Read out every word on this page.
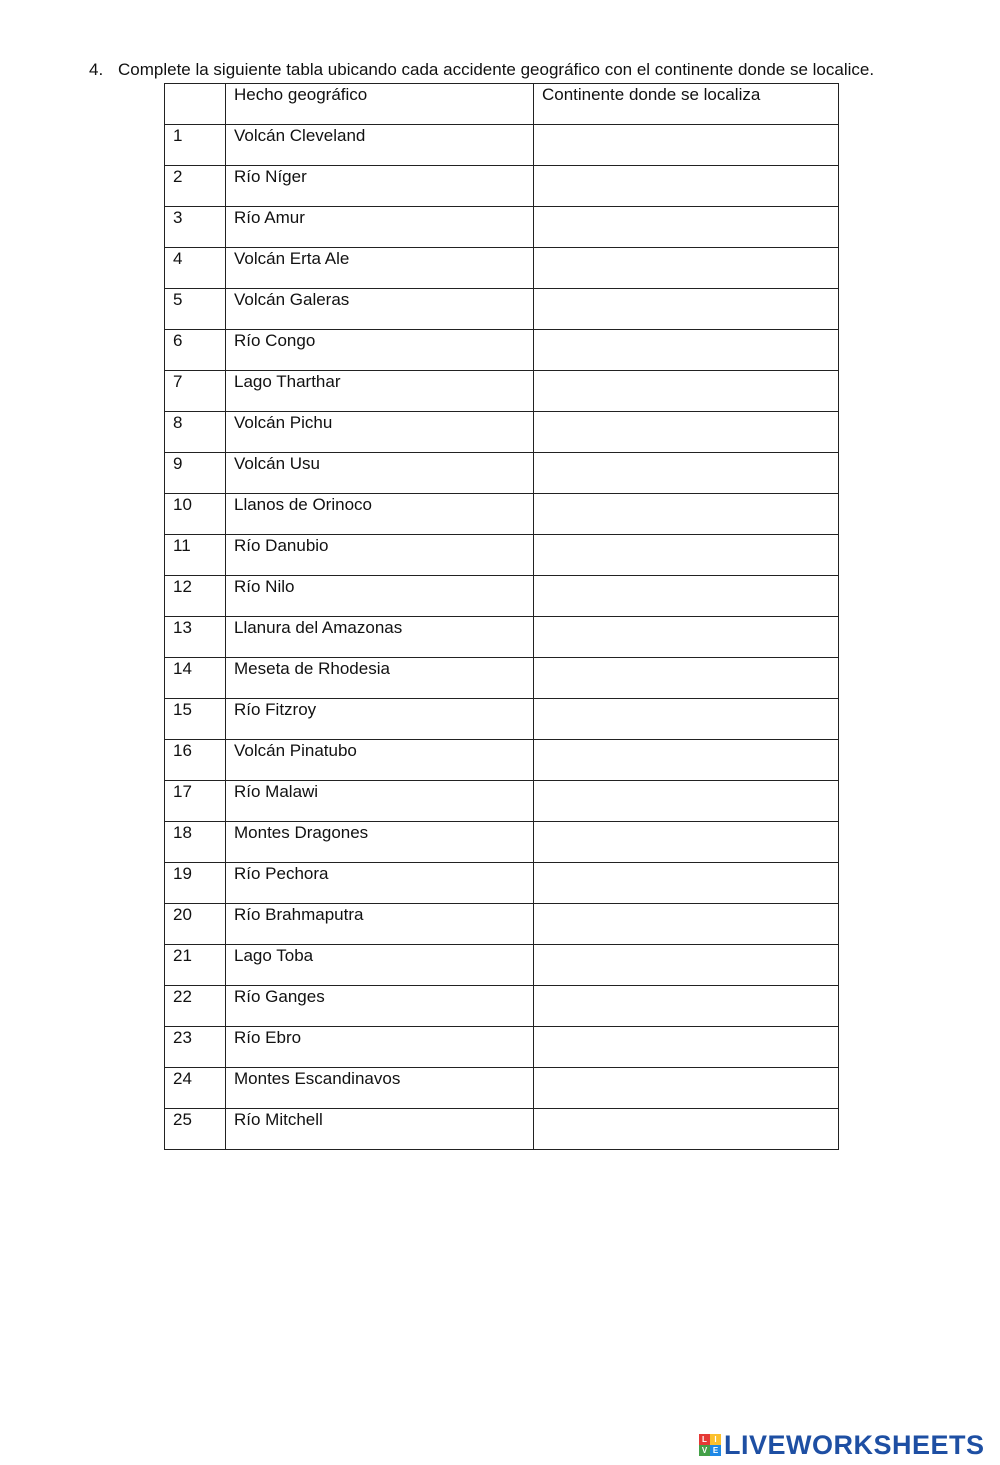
4. Complete la siguiente tabla ubicando cada accidente geográfico con el continente donde se localice.
	Hecho geográfico	Continente donde se localiza
1	Volcán Cleveland	
2	Río Níger	
3	Río Amur	
4	Volcán Erta Ale	
5	Volcán Galeras	
6	Río Congo	
7	Lago Tharthar	
8	Volcán Pichu	
9	Volcán Usu	
10	Llanos de Orinoco	
11	Río Danubio	
12	Río Nilo	
13	Llanura del Amazonas	
14	Meseta de Rhodesia	
15	Río Fitzroy	
16	Volcán Pinatubo	
17	Río Malawi	
18	Montes Dragones	
19	Río Pechora	
20	Río Brahmaputra	
21	Lago Toba	
22	Río Ganges	
23	Río Ebro	
24	Montes Escandinavos	
25	Río Mitchell	
L I
V E LIVEWORKSHEETS
